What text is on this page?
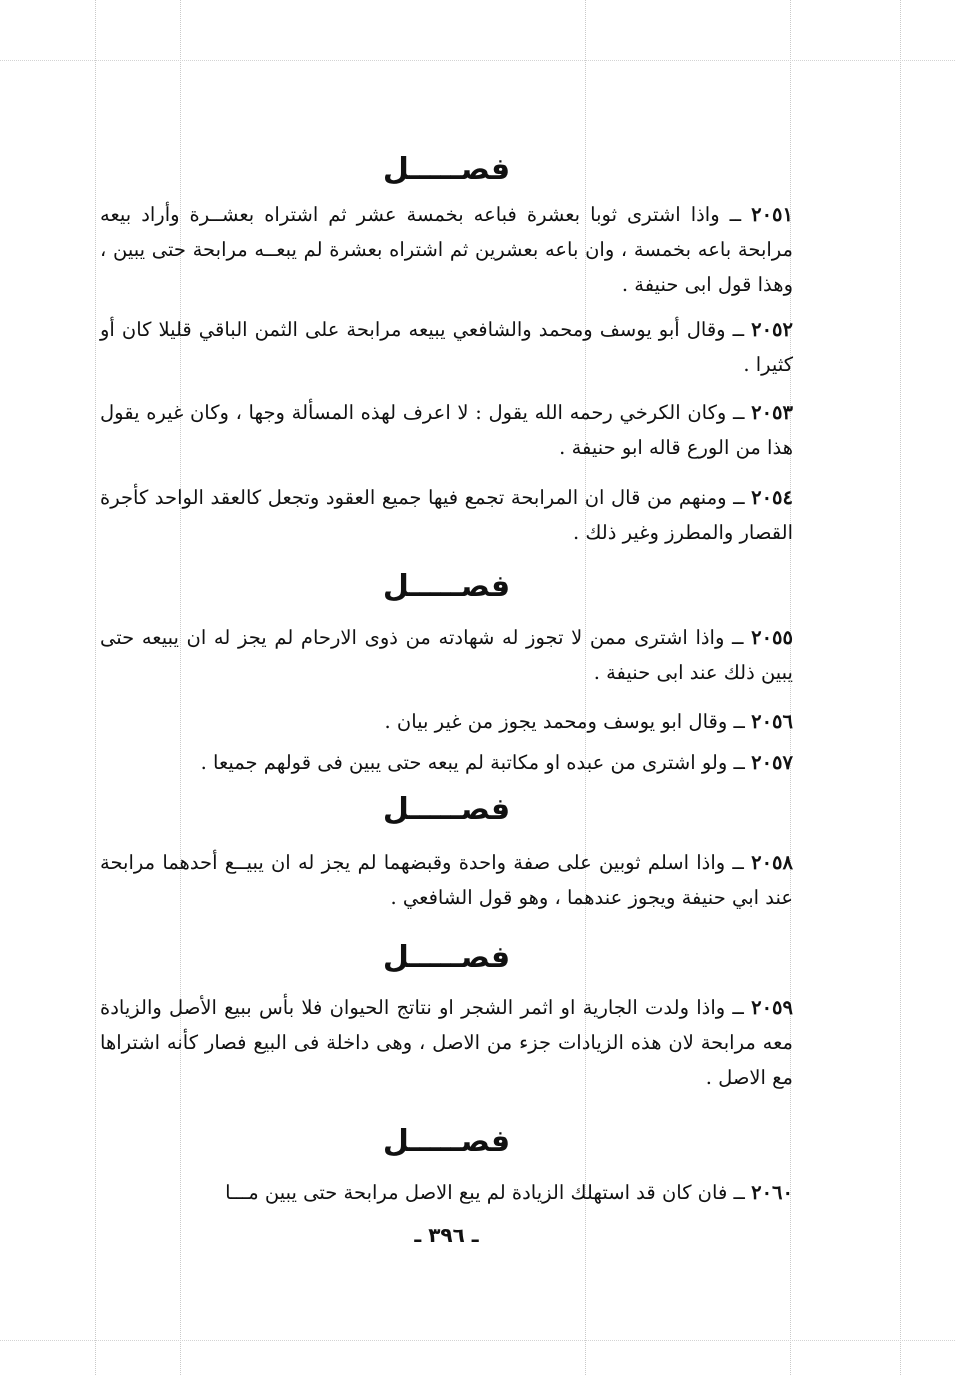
فصـــــل
٢٠٥١ ــ واذا اشترى ثوبا بعشرة فباعه بخمسة عشر ثم اشتراه بعشــرة وأراد بيعه مرابحة باعه بخمسة ، وان باعه بعشرين ثم اشتراه بعشرة لم يبعــه مرابحة حتى يبين ، وهذا قول ابى حنيفة .
٢٠٥٢ ــ وقال أبو يوسف ومحمد والشافعي يبيعه مرابحة على الثمن الباقي قليلا كان أو كثيرا .
٢٠٥٣ ــ وكان الكرخي رحمه الله يقول : لا اعرف لهذه المسألة وجها ، وكان غيره يقول هذا من الورع قاله ابو حنيفة .
٢٠٥٤ ــ ومنهم من قال ان المرابحة تجمع فيها جميع العقود وتجعل كالعقد الواحد كأجرة القصار والمطرز وغير ذلك .
فصـــــل
٢٠٥٥ ــ واذا اشترى ممن لا تجوز له شهادته من ذوى الارحام لم يجز له ان يبيعه حتى يبين ذلك عند ابى حنيفة .
٢٠٥٦ ــ وقال ابو يوسف ومحمد يجوز من غير بيان .
٢٠٥٧ ــ ولو اشترى من عبده او مكاتبة لم يبعه حتى يبين فى قولهم جميعا .
فصـــــل
٢٠٥٨ ــ واذا اسلم ثوبين على صفة واحدة وقبضهما لم يجز له ان يبيــع أحدهما مرابحة عند ابي حنيفة ويجوز عندهما ، وهو قول الشافعي .
فصـــــل
٢٠٥٩ ــ واذا ولدت الجارية او اثمر الشجر او نتاتج الحيوان فلا بأس ببيع الأصل والزيادة معه مرابحة لان هذه الزيادات جزء من الاصل ، وهى داخلة فى البيع فصار كأنه اشتراها مع الاصل .
فصـــــل
٢٠٦٠ ــ فان كان قد استهلك الزيادة لم يبع الاصل مرابحة حتى يبين مـــا
ـ ٣٩٦ ـ
